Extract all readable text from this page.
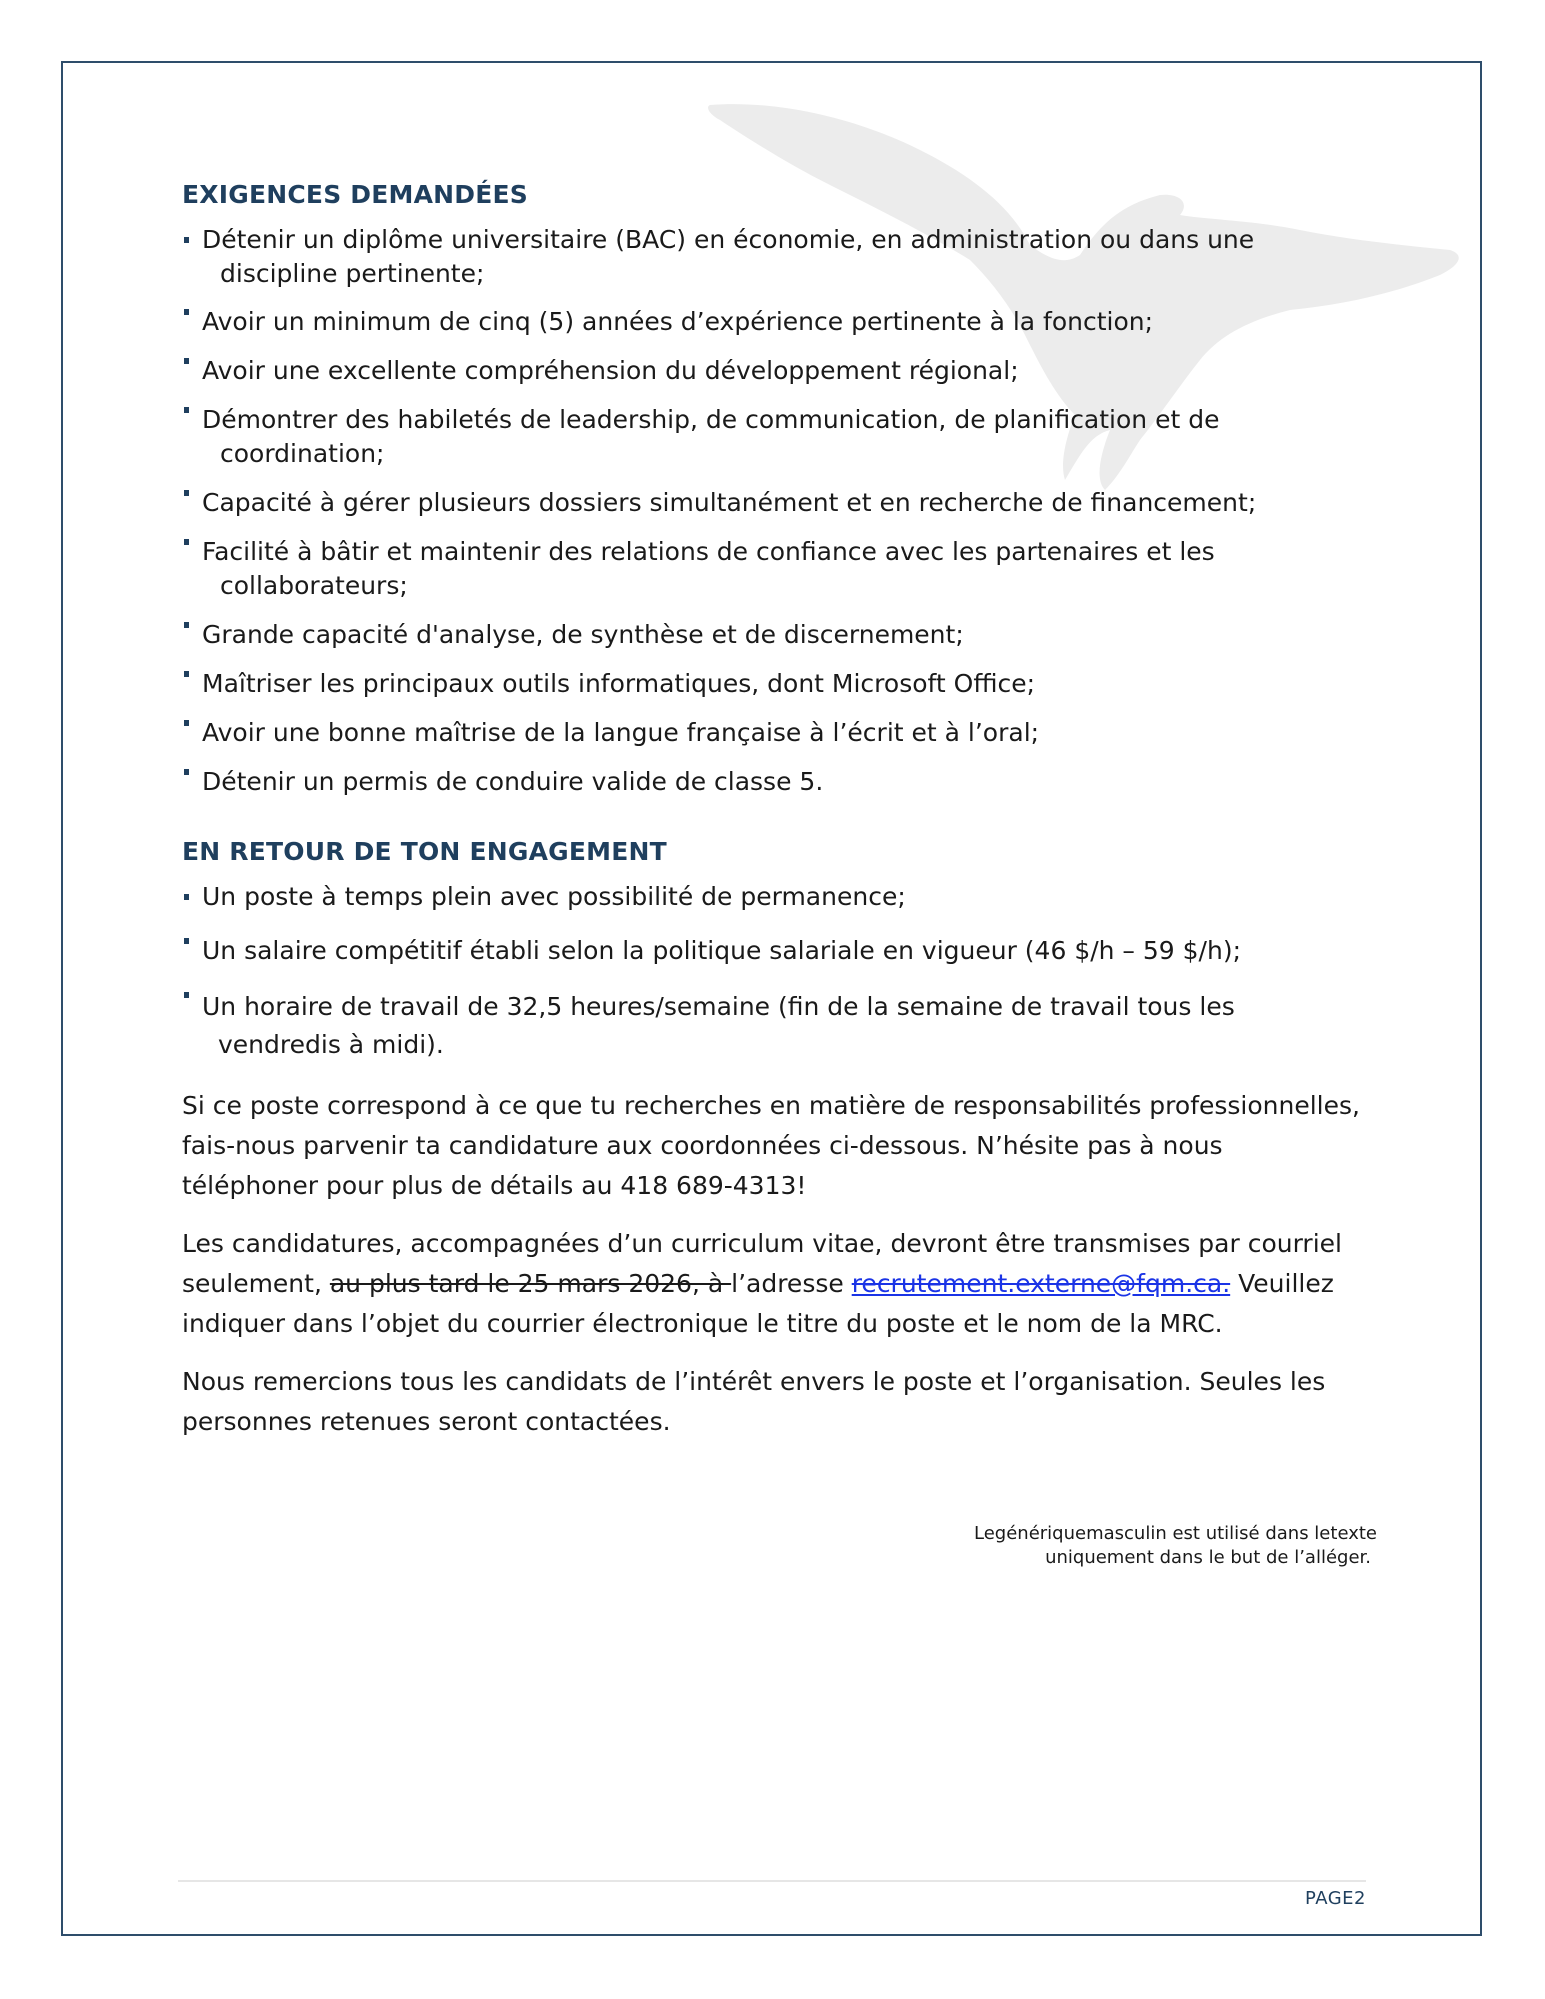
EXIGENCES DEMANDÉES
Détenir un diplôme universitaire (BAC) en économie, en administration ou dans une
discipline pertinente;
Avoir un minimum de cinq (5) années d’expérience pertinente à la fonction;
Avoir une excellente compréhension du développement régional;
Démontrer des habiletés de leadership, de communication, de planification et de
coordination;
Capacité à gérer plusieurs dossiers simultanément et en recherche de financement;
Facilité à bâtir et maintenir des relations de confiance avec les partenaires et les
collaborateurs;
Grande capacité d'analyse, de synthèse et de discernement;
Maîtriser les principaux outils informatiques, dont Microsoft Office;
Avoir une bonne maîtrise de la langue française à l’écrit et à l’oral;
Détenir un permis de conduire valide de classe 5.
EN RETOUR DE TON ENGAGEMENT
Un poste à temps plein avec possibilité de permanence;
Un salaire compétitif établi selon la politique salariale en vigueur (46 $/h – 59 $/h);
Un horaire de travail de 32,5 heures/semaine (fin de la semaine de travail tous les
vendredis à midi).

Si ce poste correspond à ce que tu recherches en matière de responsabilités professionnelles,
fais-nous parvenir ta candidature aux coordonnées ci-dessous. N’hésite pas à nous
téléphoner pour plus de détails au 418 689-4313!

Les candidatures, accompagnées d’un curriculum vitae, devront être transmises par courriel
seulement, au plus tard le 25 mars 2026, à l’adresse recrutement.externe@fqm.ca. Veuillez
indiquer dans l’objet du courrier électronique le titre du poste et le nom de la MRC.

Nous remercions tous les candidats de l’intérêt envers le poste et l’organisation. Seules les
personnes retenues seront contactées.

Legénériquemasculin est utilisé dans letexte

uniquement dans le but de l’alléger.
PAGE2
